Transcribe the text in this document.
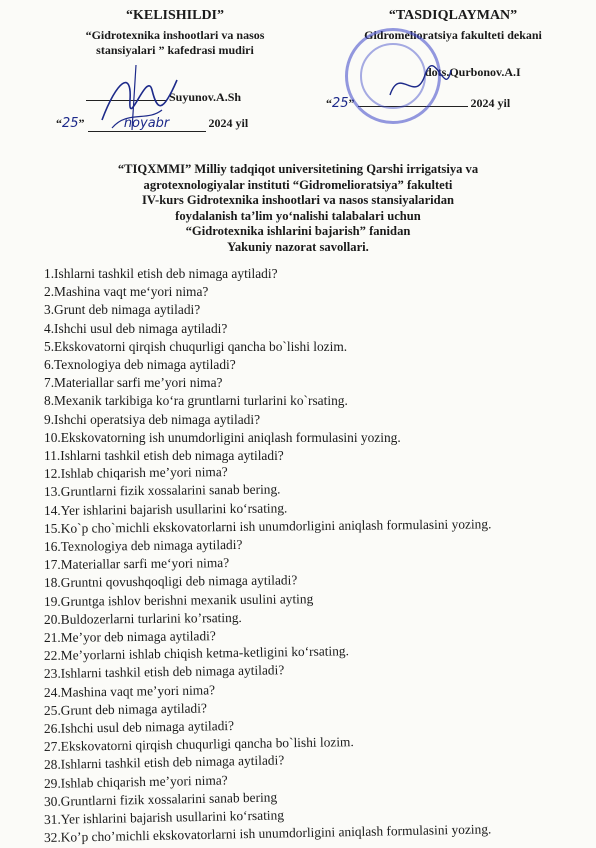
“KELISHILDI”
“Gidrotexnika inshootlari va nasos
stansiyalari ” kafedrasi mudiri
Suyunov.A.Sh
“25”	noyabr	2024 yil
“TASDIQLAYMAN”
Gidromelioratsiya fakulteti dekani
dots.Qurbonov.A.I
“25”	2024 yil
“TIQXMMI” Milliy tadqiqot universitetining Qarshi irrigatsiya va
agrotexnologiyalar instituti “Gidromelioratsiya” fakulteti
IV-kurs Gidrotexnika inshootlari va nasos stansiyalaridan
foydalanish ta’lim yo‘nalishi talabalari uchun
“Gidrotexnika ishlarini bajarish” fanidan
Yakuniy nazorat savollari.
1.Ishlarni tashkil etish deb nimaga aytiladi?
2.Mashina vaqt me‘yori nima?
3.Grunt deb nimaga aytiladi?
4.Ishchi usul deb nimaga aytiladi?
5.Ekskovatorni qirqish chuqurligi qancha bo`lishi lozim.
6.Texnologiya deb nimaga aytiladi?
7.Materiallar sarfi me’yori nima?
8.Mexanik tarkibiga ko‘ra gruntlarni turlarini ko`rsating.
9.Ishchi operatsiya deb nimaga aytiladi?
10.Ekskovatorning ish unumdorligini aniqlash formulasini yozing.
11.Ishlarni tashkil etish deb nimaga aytiladi?
12.Ishlab chiqarish me’yori nima?
13.Gruntlarni fizik xossalarini sanab bering.
14.Yer ishlarini bajarish usullarini ko‘rsating.
15.Ko`p cho`michli ekskovatorlarni ish unumdorligini aniqlash formulasini yozing.
16.Texnologiya deb nimaga aytiladi?
17.Materiallar sarfi me‘yori nima?
18.Gruntni qovushqoqligi deb nimaga aytiladi?
19.Gruntga ishlov berishni mexanik usulini ayting
20.Buldozerlarni turlarini ko’rsating.
21.Me’yor deb nimaga aytiladi?
22.Me’yorlarni ishlab chiqish ketma-ketligini ko‘rsating.
23.Ishlarni tashkil etish deb nimaga aytiladi?
24.Mashina vaqt me’yori nima?
25.Grunt deb nimaga aytiladi?
26.Ishchi usul deb nimaga aytiladi?
27.Ekskovatorni qirqish chuqurligi qancha bo`lishi lozim.
28.Ishlarni tashkil etish deb nimaga aytiladi?
29.Ishlab chiqarish me’yori nima?
30.Gruntlarni fizik xossalarini sanab bering
31.Yer ishlarini bajarish usullarini ko‘rsating
32.Ko’p cho’michli ekskovatorlarni ish unumdorligini aniqlash formulasini yozing.
